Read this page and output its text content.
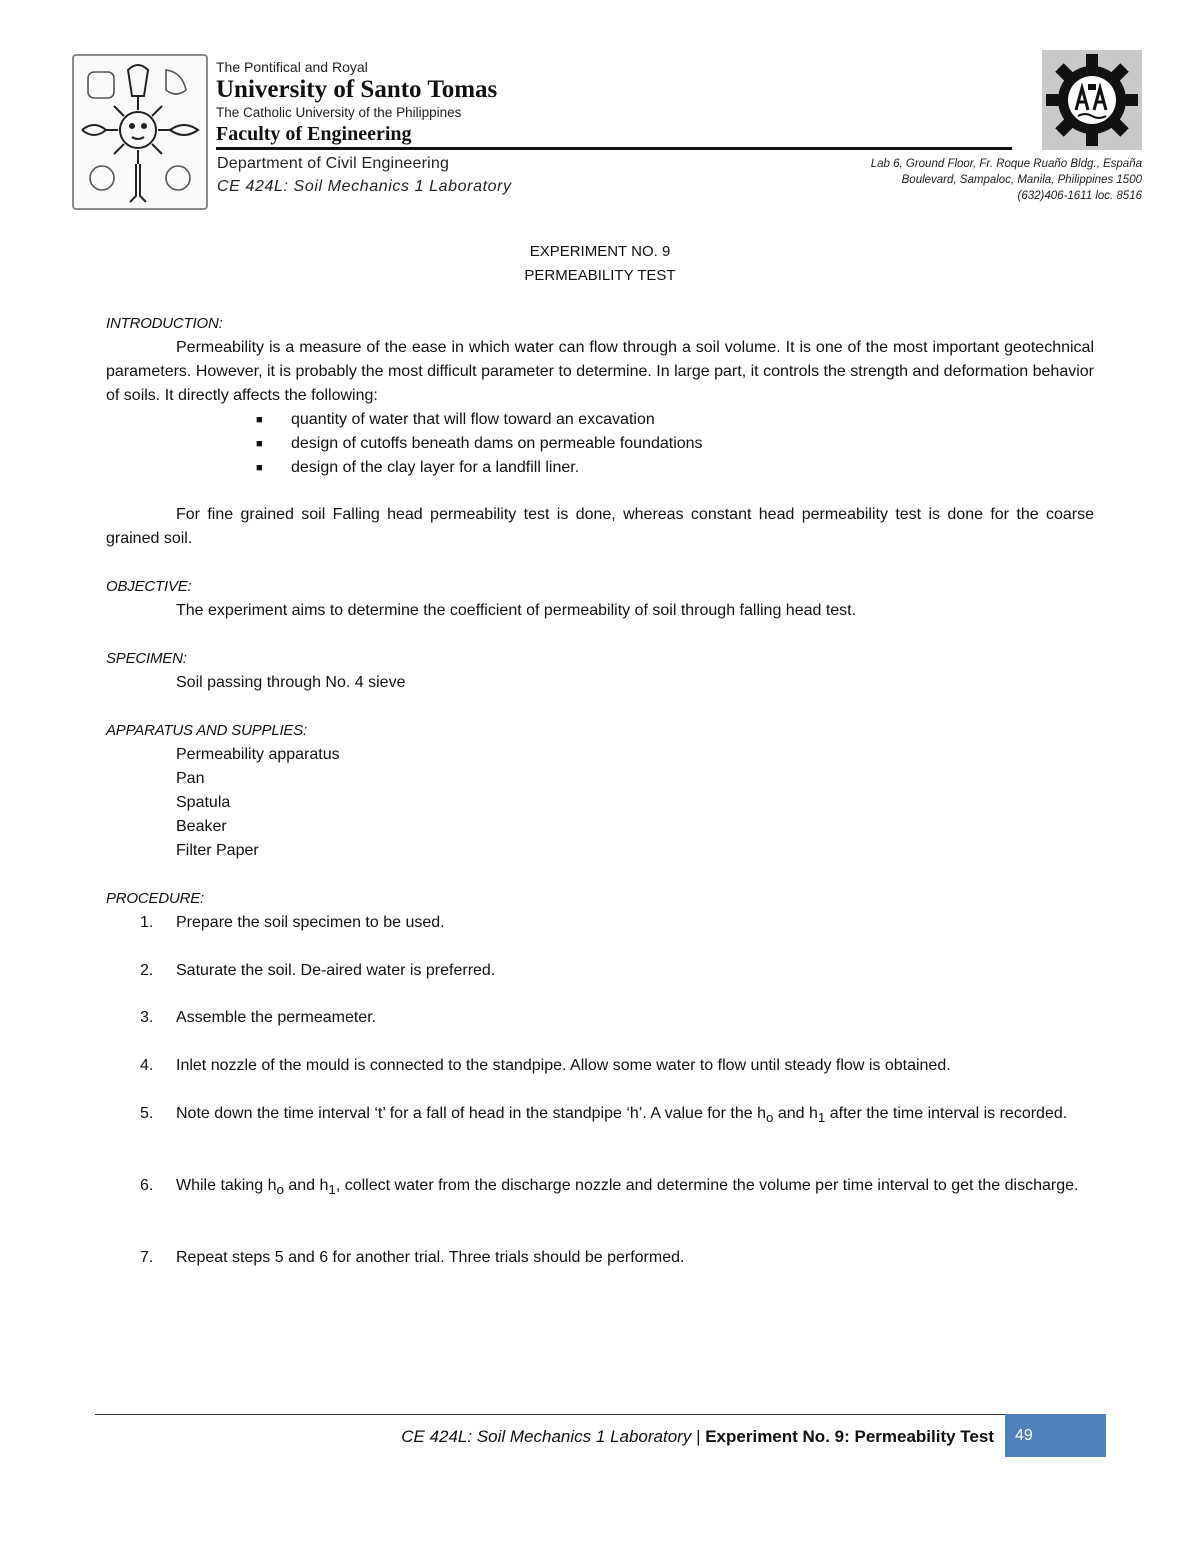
The Pontifical and Royal
University of Santo Tomas
The Catholic University of the Philippines
Faculty of Engineering
Department of Civil Engineering
CE 424L: Soil Mechanics 1 Laboratory
Lab 6, Ground Floor, Fr. Roque Ruaño Bldg., España
Boulevard, Sampaloc, Manila, Philippines 1500
(632)406-1611 loc. 8516
EXPERIMENT NO. 9
PERMEABILITY TEST
INTRODUCTION:
Permeability is a measure of the ease in which water can flow through a soil volume. It is one of the most important geotechnical parameters. However, it is probably the most difficult parameter to determine. In large part, it controls the strength and deformation behavior of soils. It directly affects the following:
■ quantity of water that will flow toward an excavation
■ design of cutoffs beneath dams on permeable foundations
■ design of the clay layer for a landfill liner.
For fine grained soil Falling head permeability test is done, whereas constant head permeability test is done for the coarse grained soil.
OBJECTIVE:
The experiment aims to determine the coefficient of permeability of soil through falling head test.
SPECIMEN:
Soil passing through No. 4 sieve
APPARATUS AND SUPPLIES:
Permeability apparatus
Pan
Spatula
Beaker
Filter Paper
PROCEDURE:
1.	Prepare the soil specimen to be used.
2.	Saturate the soil. De-aired water is preferred.
3.	Assemble the permeameter.
4.	Inlet nozzle of the mould is connected to the standpipe. Allow some water to flow until steady flow is obtained.
5.	Note down the time interval ‘t’ for a fall of head in the standpipe ‘h’. A value for the $h_o$ and $h_1$ after the time interval is recorded.
6.	While taking $h_o$ and $h_1$, collect water from the discharge nozzle and determine the volume per time interval to get the discharge.
7.	Repeat steps 5 and 6 for another trial. Three trials should be performed.
CE 424L: Soil Mechanics 1 Laboratory | Experiment No. 9: Permeability Test	49
